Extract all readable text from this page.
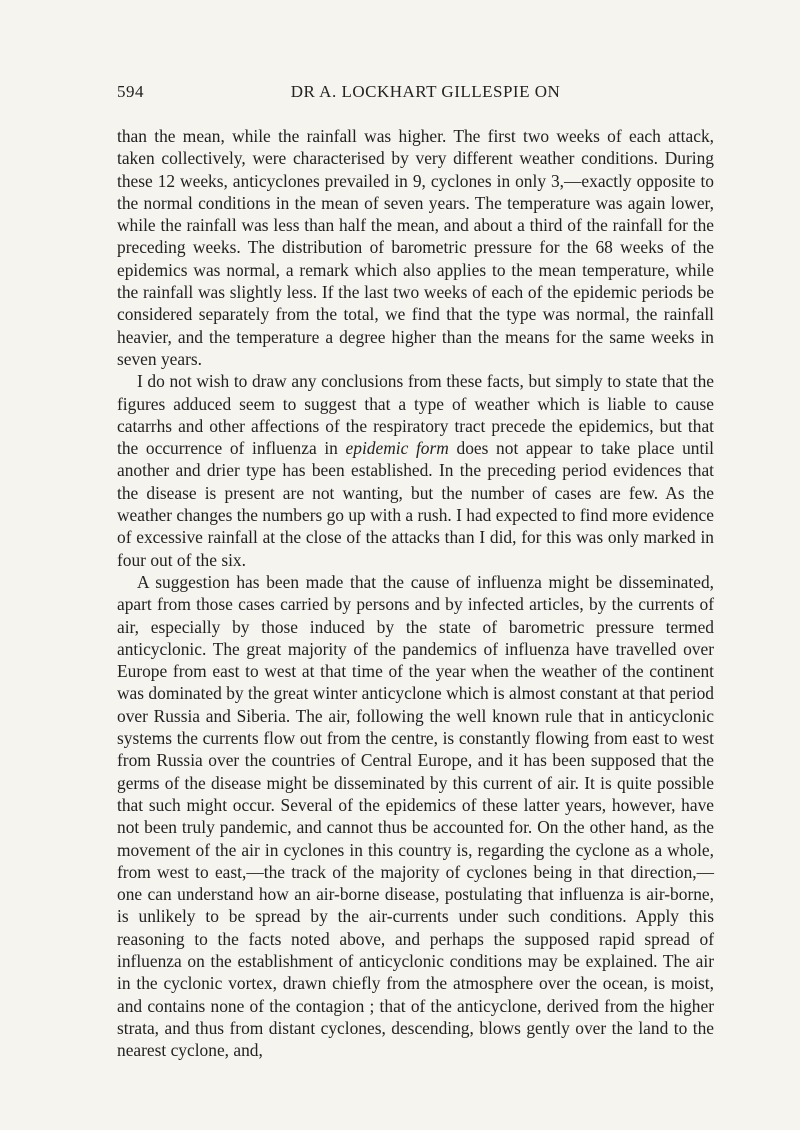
594	DR A. LOCKHART GILLESPIE ON

than the mean, while the rainfall was higher. The first two weeks of each attack, taken collectively, were characterised by very different weather conditions. During these 12 weeks, anticyclones prevailed in 9, cyclones in only 3,—exactly opposite to the normal conditions in the mean of seven years. The temperature was again lower, while the rainfall was less than half the mean, and about a third of the rainfall for the preceding weeks. The distribution of barometric pressure for the 68 weeks of the epidemics was normal, a remark which also applies to the mean temperature, while the rainfall was slightly less. If the last two weeks of each of the epidemic periods be considered separately from the total, we find that the type was normal, the rainfall heavier, and the temperature a degree higher than the means for the same weeks in seven years.

I do not wish to draw any conclusions from these facts, but simply to state that the figures adduced seem to suggest that a type of weather which is liable to cause catarrhs and other affections of the respiratory tract precede the epidemics, but that the occurrence of influenza in epidemic form does not appear to take place until another and drier type has been established. In the preceding period evidences that the disease is present are not wanting, but the number of cases are few. As the weather changes the numbers go up with a rush. I had expected to find more evidence of excessive rainfall at the close of the attacks than I did, for this was only marked in four out of the six.

A suggestion has been made that the cause of influenza might be disseminated, apart from those cases carried by persons and by infected articles, by the currents of air, especially by those induced by the state of barometric pressure termed anticyclonic. The great majority of the pandemics of influenza have travelled over Europe from east to west at that time of the year when the weather of the continent was dominated by the great winter anticyclone which is almost constant at that period over Russia and Siberia. The air, following the well known rule that in anticyclonic systems the currents flow out from the centre, is constantly flowing from east to west from Russia over the countries of Central Europe, and it has been supposed that the germs of the disease might be disseminated by this current of air. It is quite possible that such might occur. Several of the epidemics of these latter years, however, have not been truly pandemic, and cannot thus be accounted for. On the other hand, as the movement of the air in cyclones in this country is, regarding the cyclone as a whole, from west to east,—the track of the majority of cyclones being in that direction,—one can understand how an air-borne disease, postulating that influenza is air-borne, is unlikely to be spread by the air-currents under such conditions. Apply this reasoning to the facts noted above, and perhaps the supposed rapid spread of influenza on the establishment of anticyclonic conditions may be explained. The air in the cyclonic vortex, drawn chiefly from the atmosphere over the ocean, is moist, and contains none of the contagion ; that of the anticyclone, derived from the higher strata, and thus from distant cyclones, descending, blows gently over the land to the nearest cyclone, and,
